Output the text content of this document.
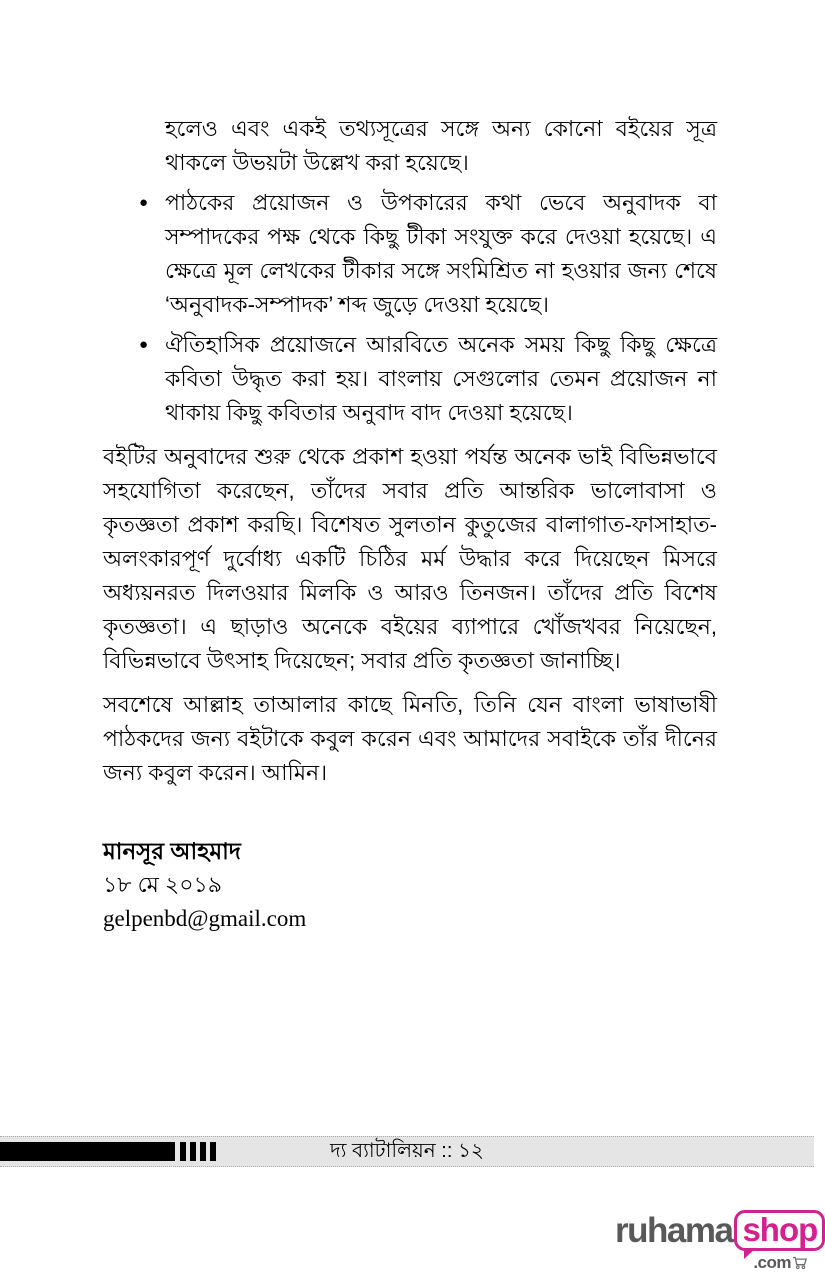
হলেও এবং একই তথ্যসূত্রের সঙ্গে অন্য কোনো বইয়ের সূত্র থাকলে উভয়টা উল্লেখ করা হয়েছে।
● পাঠকের প্রয়োজন ও উপকারের কথা ভেবে অনুবাদক বা সম্পাদকের পক্ষ থেকে কিছু টীকা সংযুক্ত করে দেওয়া হয়েছে। এ ক্ষেত্রে মূল লেখকের টীকার সঙ্গে সংমিশ্রিত না হওয়ার জন্য শেষে ‘অনুবাদক-সম্পাদক’ শব্দ জুড়ে দেওয়া হয়েছে।
● ঐতিহাসিক প্রয়োজনে আরবিতে অনেক সময় কিছু কিছু ক্ষেত্রে কবিতা উদ্ধৃত করা হয়। বাংলায় সেগুলোর তেমন প্রয়োজন না থাকায় কিছু কবিতার অনুবাদ বাদ দেওয়া হয়েছে।

বইটির অনুবাদের শুরু থেকে প্রকাশ হওয়া পর্যন্ত অনেক ভাই বিভিন্নভাবে সহযোগিতা করেছেন, তাঁদের সবার প্রতি আন্তরিক ভালোবাসা ও কৃতজ্ঞতা প্রকাশ করছি। বিশেষত সুলতান কুতুজের বালাগাত-ফাসাহাত-অলংকারপূর্ণ দুর্বোধ্য একটি চিঠির মর্ম উদ্ধার করে দিয়েছেন মিসরে অধ্যয়নরত দিলওয়ার মিলকি ও আরও তিনজন। তাঁদের প্রতি বিশেষ কৃতজ্ঞতা। এ ছাড়াও অনেকে বইয়ের ব্যাপারে খোঁজখবর নিয়েছেন, বিভিন্নভাবে উৎসাহ দিয়েছেন; সবার প্রতি কৃতজ্ঞতা জানাচ্ছি।

সবশেষে আল্লাহ তাআলার কাছে মিনতি, তিনি যেন বাংলা ভাষাভাষী পাঠকদের জন্য বইটাকে কবুল করেন এবং আমাদের সবাইকে তাঁর দীনের জন্য কবুল করেন। আমিন।

মানসূর আহমাদ
১৮ মে ২০১৯
gelpenbd@gmail.com
দ্য ব্যাটালিয়ন :: ১২
ruhama shop
.com
